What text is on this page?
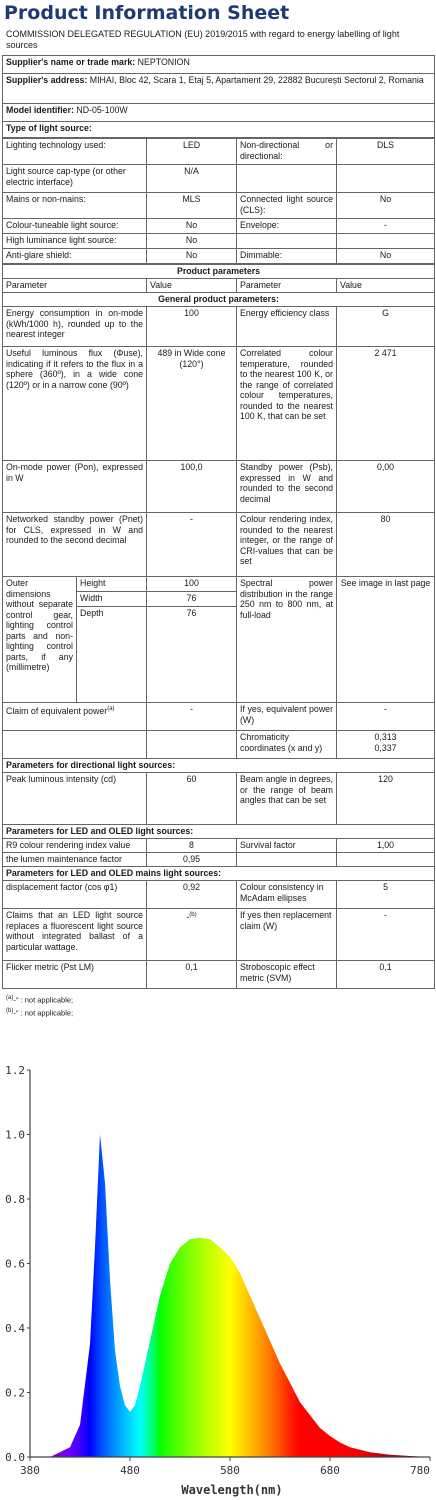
Product Information Sheet
COMMISSION DELEGATED REGULATION (EU) 2019/2015 with regard to energy labelling of light sources
Supplier's name or trade mark: NEPTONION
Supplier's address: MIHAI, Bloc 42, Scara 1, Etaj 5, Apartament 29, 22882 București Sectorul 2, Romania
Model identifier: ND-05-100W
Type of light source:
Lighting technology used:	LED	Non-directional or directional:	DLS
Light source cap-type (or other electric interface)	N/A		
Mains or non-mains:	MLS	Connected light source (CLS):	No
Colour-tuneable light source:	No	Envelope:	-
High luminance light source:	No		
Anti-glare shield:	No	Dimmable:	No
Product parameters				
Parameter		Value	Parameter	Value
General product parameters:				
Energy consumption in on-mode (kWh/1000 h), rounded up to the nearest integer		100	Energy efficiency class	G
Useful luminous flux (Φuse), indicating if it refers to the flux in a sphere (360º), in a wide cone (120º) or in a narrow cone (90º)		489 in Wide cone (120°)	Correlated colour temperature, rounded to the nearest 100 K, or the range of correlated colour temperatures, rounded to the nearest 100 K, that can be set	2 471
On-mode power (Pon), expressed in W		100,0	Standby power (Psb), expressed in W and rounded to the second decimal	0,00
Networked standby power (Pnet) for CLS, expressed in W and rounded to the second decimal		-	Colour rendering index, rounded to the nearest integer, or the range of CRI-values that can be set	80
Outer dimensions without separate control gear, lighting control parts and non-lighting control parts, if any (millimetre)	Height	100	Spectral power distribution in the range 250 nm to 800 nm, at full-load	See image in last page
	Width	76		
	Depth	76		
Claim of equivalent power$^{(a)}$		-	If yes, equivalent power (W)	-
			Chromaticity coordinates (x and y)	0,313
0,337
Parameters for directional light sources:				
Peak luminous intensity (cd)		60	Beam angle in degrees, or the range of beam angles that can be set	120
Parameters for LED and OLED light sources:				
R9 colour rendering index value		8	Survival factor	1,00
the lumen maintenance factor		0,95		
Parameters for LED and OLED mains light sources:				
displacement factor (cos φ1)		0,92	Colour consistency in McAdam ellipses	5
Claims that an LED light source replaces a fluorescent light source without integrated ballast of a particular wattage.		-$^{(b)}$	If yes then replacement claim (W)	-
Flicker metric (Pst LM)		0,1	Stroboscopic effect metric (SVM)	0,1
$^{(a)}$-" : not applicable;
$^{(b)}$-" : not applicable;
0.0
0.2
0.4
0.6
0.8
1.0
1.2
380	480	580	680	780
Wavelength(nm)
